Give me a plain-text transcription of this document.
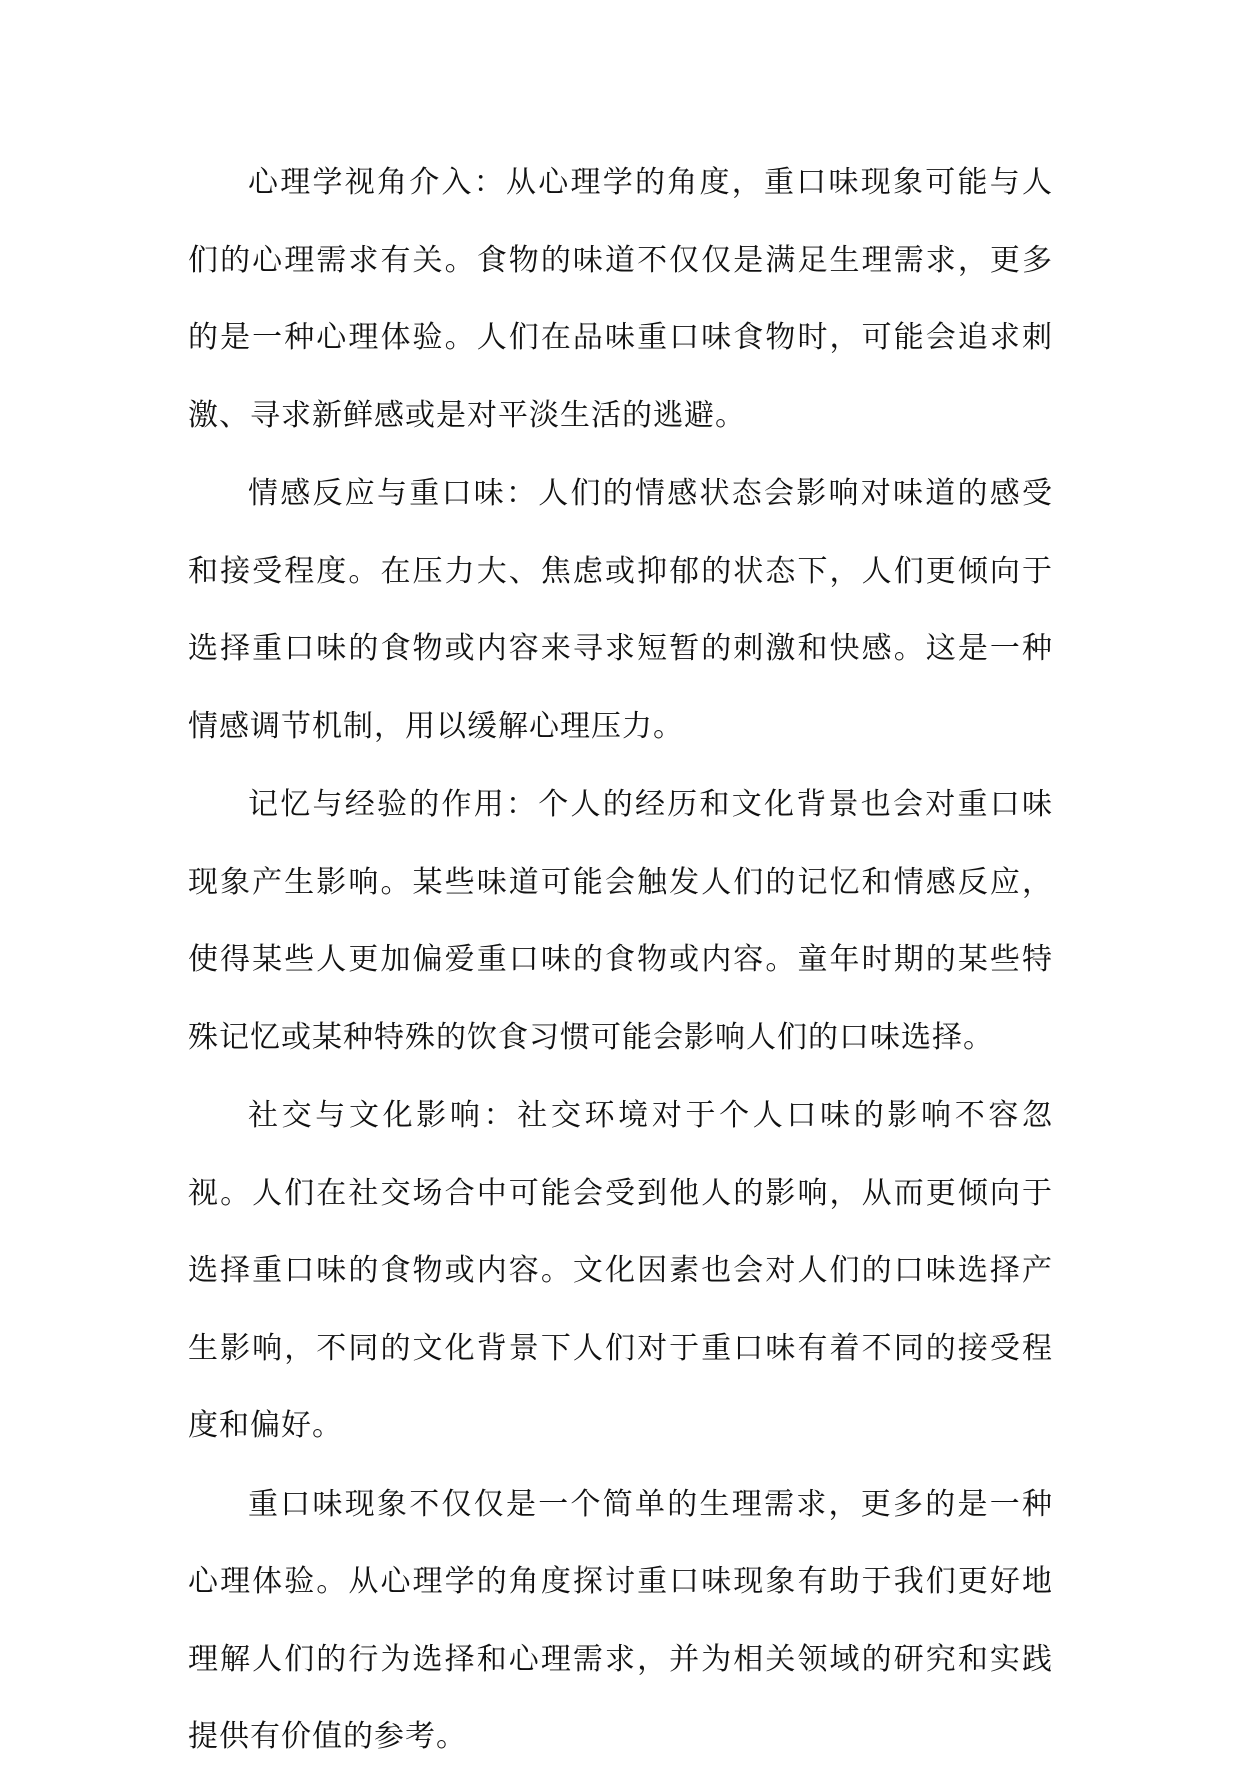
心理学视角介入：从心理学的角度，重口味现象可能与人们的心理需求有关。食物的味道不仅仅是满足生理需求，更多的是一种心理体验。人们在品味重口味食物时，可能会追求刺激、寻求新鲜感或是对平淡生活的逃避。

情感反应与重口味：人们的情感状态会影响对味道的感受和接受程度。在压力大、焦虑或抑郁的状态下，人们更倾向于选择重口味的食物或内容来寻求短暂的刺激和快感。这是一种情感调节机制，用以缓解心理压力。

记忆与经验的作用：个人的经历和文化背景也会对重口味现象产生影响。某些味道可能会触发人们的记忆和情感反应，使得某些人更加偏爱重口味的食物或内容。童年时期的某些特殊记忆或某种特殊的饮食习惯可能会影响人们的口味选择。

社交与文化影响：社交环境对于个人口味的影响不容忽视。人们在社交场合中可能会受到他人的影响，从而更倾向于选择重口味的食物或内容。文化因素也会对人们的口味选择产生影响，不同的文化背景下人们对于重口味有着不同的接受程度和偏好。

重口味现象不仅仅是一个简单的生理需求，更多的是一种心理体验。从心理学的角度探讨重口味现象有助于我们更好地理解人们的行为选择和心理需求，并为相关领域的研究和实践提供有价值的参考。
